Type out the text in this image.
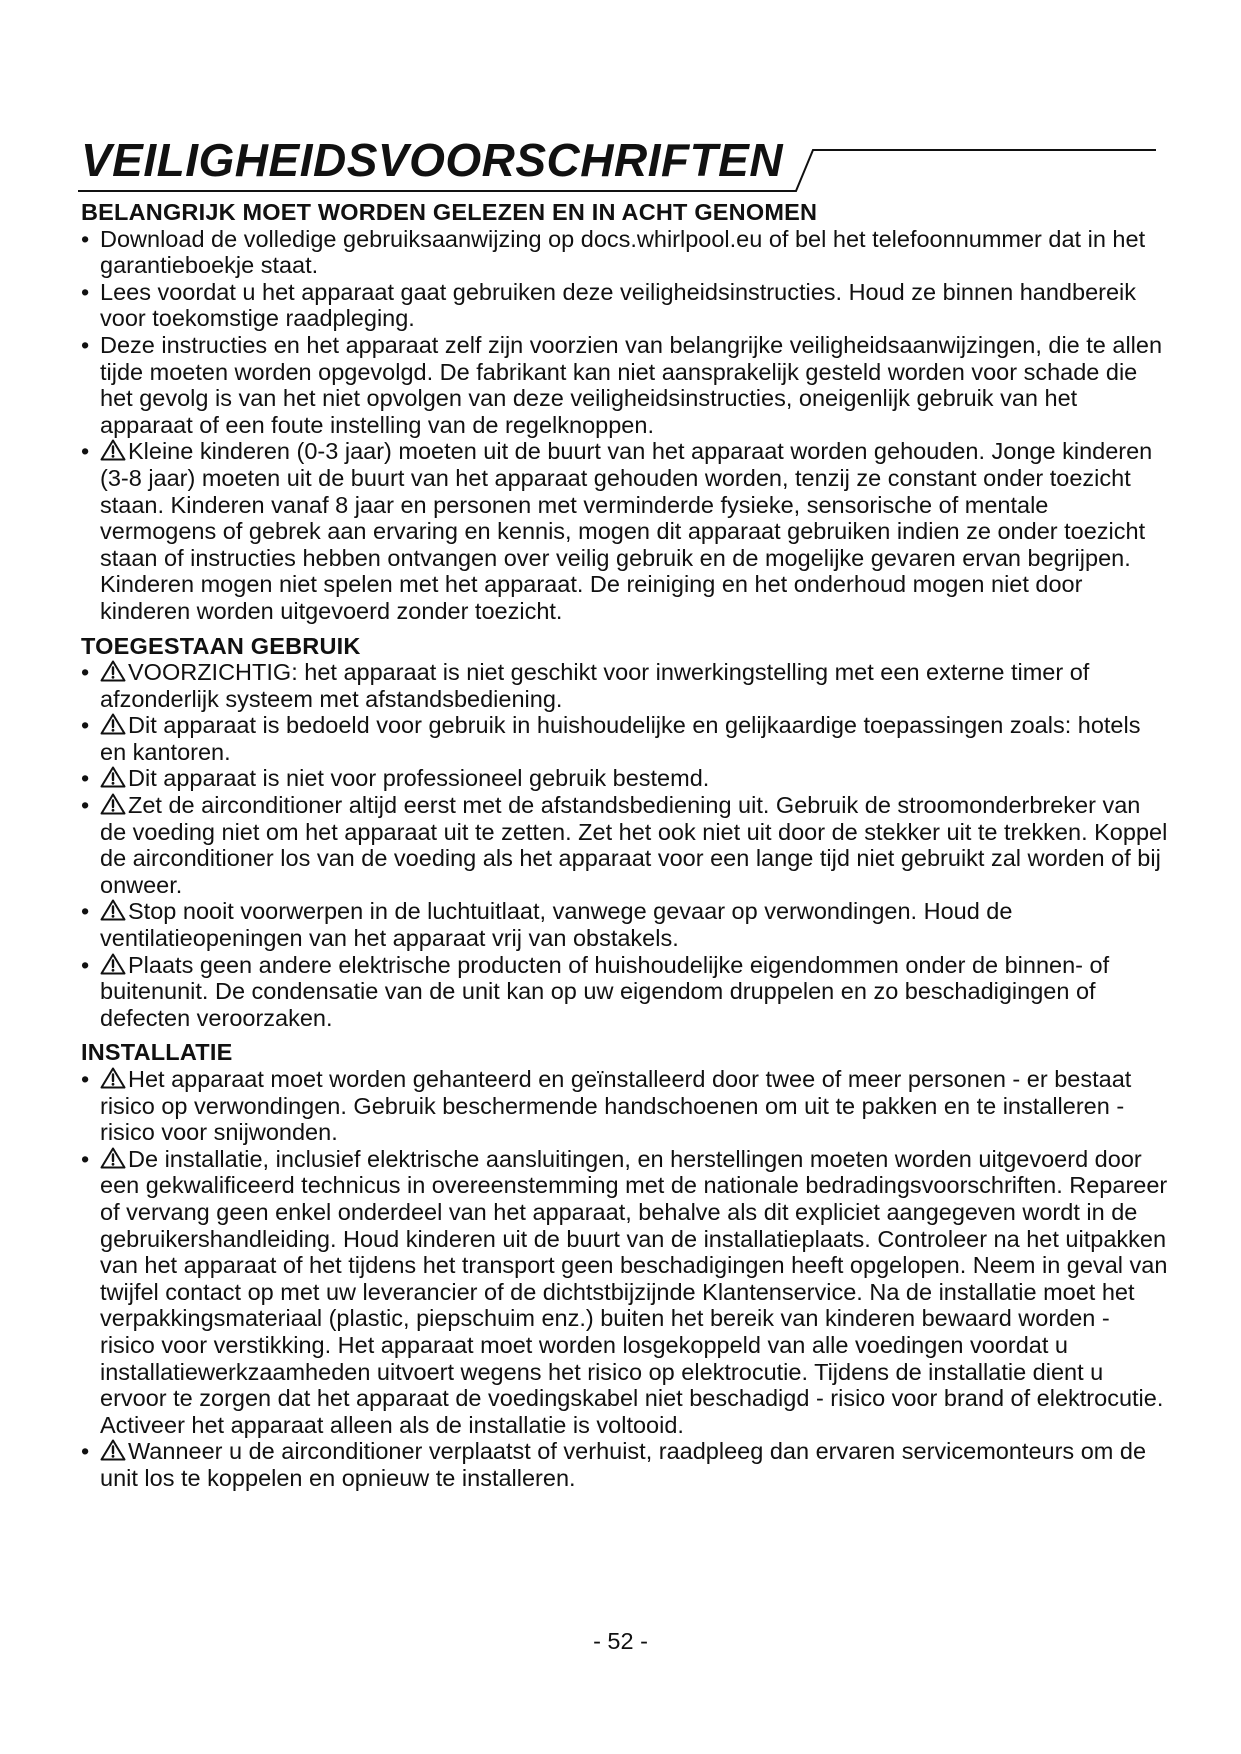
VEILIGHEIDSVOORSCHRIFTEN
BELANGRIJK MOET WORDEN GELEZEN EN IN ACHT GENOMEN
• Download de volledige gebruiksaanwijzing op docs.whirlpool.eu of bel het telefoonnummer dat in het garantieboekje staat.
• Lees voordat u het apparaat gaat gebruiken deze veiligheidsinstructies. Houd ze binnen handbereik voor toekomstige raadpleging.
• Deze instructies en het apparaat zelf zijn voorzien van belangrijke veiligheidsaanwijzingen, die te allen tijde moeten worden opgevolgd. De fabrikant kan niet aansprakelijk gesteld worden voor schade die het gevolg is van het niet opvolgen van deze veiligheidsinstructies, oneigenlijk gebruik van het apparaat of een foute instelling van de regelknoppen.
• Kleine kinderen (0-3 jaar) moeten uit de buurt van het apparaat worden gehouden. Jonge kinderen (3-8 jaar) moeten uit de buurt van het apparaat gehouden worden, tenzij ze constant onder toezicht staan. Kinderen vanaf 8 jaar en personen met verminderde fysieke, sensorische of mentale vermogens of gebrek aan ervaring en kennis, mogen dit apparaat gebruiken indien ze onder toezicht staan of instructies hebben ontvangen over veilig gebruik en de mogelijke gevaren ervan begrijpen. Kinderen mogen niet spelen met het apparaat. De reiniging en het onderhoud mogen niet door kinderen worden uitgevoerd zonder toezicht.
TOEGESTAAN GEBRUIK
• VOORZICHTIG: het apparaat is niet geschikt voor inwerkingstelling met een externe timer of afzonderlijk systeem met afstandsbediening.
• Dit apparaat is bedoeld voor gebruik in huishoudelijke en gelijkaardige toepassingen zoals: hotels en kantoren.
• Dit apparaat is niet voor professioneel gebruik bestemd.
• Zet de airconditioner altijd eerst met de afstandsbediening uit. Gebruik de stroomonderbreker van de voeding niet om het apparaat uit te zetten. Zet het ook niet uit door de stekker uit te trekken. Koppel de airconditioner los van de voeding als het apparaat voor een lange tijd niet gebruikt zal worden of bij onweer.
• Stop nooit voorwerpen in de luchtuitlaat, vanwege gevaar op verwondingen. Houd de ventilatieopeningen van het apparaat vrij van obstakels.
• Plaats geen andere elektrische producten of huishoudelijke eigendommen onder de binnen- of buitenunit. De condensatie van de unit kan op uw eigendom druppelen en zo beschadigingen of defecten veroorzaken.
INSTALLATIE
• Het apparaat moet worden gehanteerd en geïnstalleerd door twee of meer personen - er bestaat risico op verwondingen. Gebruik beschermende handschoenen om uit te pakken en te installeren - risico voor snijwonden.
• De installatie, inclusief elektrische aansluitingen, en herstellingen moeten worden uitgevoerd door een gekwalificeerd technicus in overeenstemming met de nationale bedradingsvoorschriften. Repareer of vervang geen enkel onderdeel van het apparaat, behalve als dit expliciet aangegeven wordt in de gebruikershandleiding. Houd kinderen uit de buurt van de installatieplaats. Controleer na het uitpakken van het apparaat of het tijdens het transport geen beschadigingen heeft opgelopen. Neem in geval van twijfel contact op met uw leverancier of de dichtstbijzijnde Klantenservice. Na de installatie moet het verpakkingsmateriaal (plastic, piepschuim enz.) buiten het bereik van kinderen bewaard worden - risico voor verstikking. Het apparaat moet worden losgekoppeld van alle voedingen voordat u installatiewerkzaamheden uitvoert wegens het risico op elektrocutie. Tijdens de installatie dient u ervoor te zorgen dat het apparaat de voedingskabel niet beschadigd - risico voor brand of elektrocutie. Activeer het apparaat alleen als de installatie is voltooid.
• Wanneer u de airconditioner verplaatst of verhuist, raadpleeg dan ervaren servicemonteurs om de unit los te koppelen en opnieuw te installeren.
- 52 -
